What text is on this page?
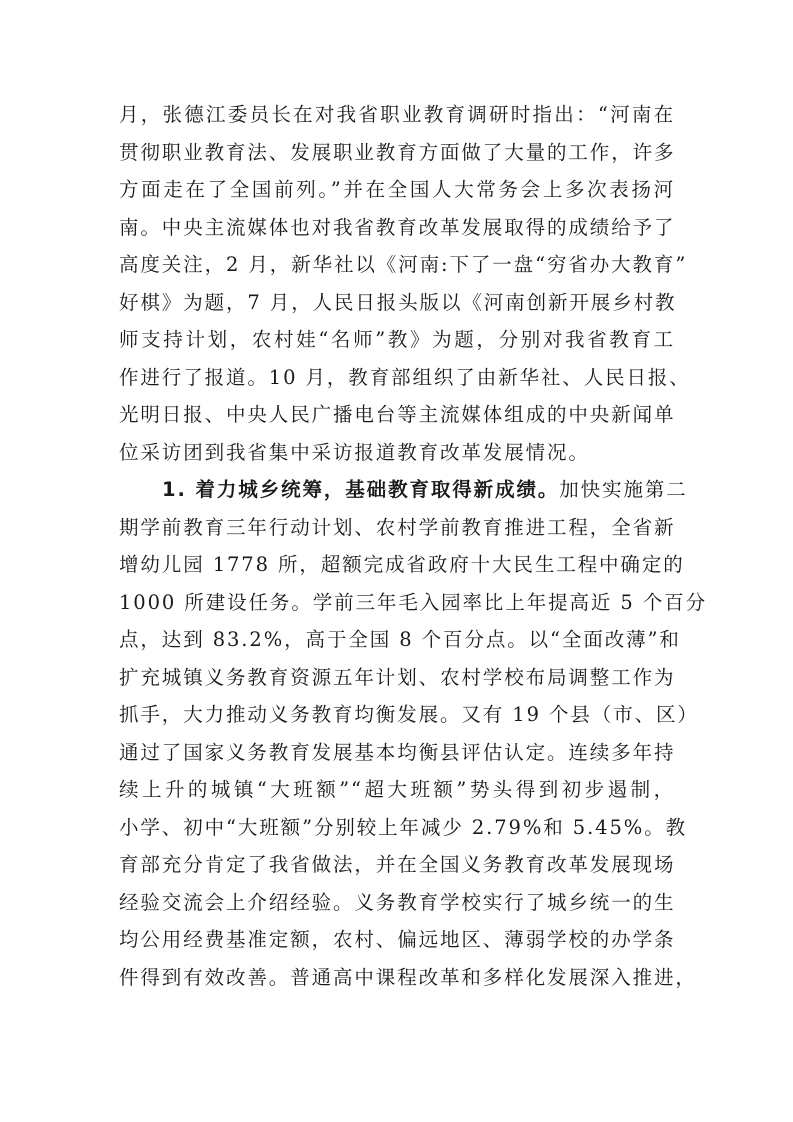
月，张德江委员长在对我省职业教育调研时指出：“河南在
贯彻职业教育法、发展职业教育方面做了大量的工作，许多
方面走在了全国前列。”并在全国人大常务会上多次表扬河
南。中央主流媒体也对我省教育改革发展取得的成绩给予了
高度关注，2 月，新华社以《河南:下了一盘“穷省办大教育”
好棋》为题，7 月，人民日报头版以《河南创新开展乡村教
师支持计划，农村娃“名师”教》为题，分别对我省教育工
作进行了报道。10 月，教育部组织了由新华社、人民日报、
光明日报、中央人民广播电台等主流媒体组成的中央新闻单
位采访团到我省集中采访报道教育改革发展情况。
1. 着力城乡统筹，基础教育取得新成绩。加快实施第二
期学前教育三年行动计划、农村学前教育推进工程，全省新
增幼儿园 1778 所，超额完成省政府十大民生工程中确定的
1000 所建设任务。学前三年毛入园率比上年提高近 5 个百分
点，达到 83.2%，高于全国 8 个百分点。以“全面改薄”和
扩充城镇义务教育资源五年计划、农村学校布局调整工作为
抓手，大力推动义务教育均衡发展。又有 19 个县（市、区）
通过了国家义务教育发展基本均衡县评估认定。连续多年持
续上升的城镇“大班额”“超大班额”势头得到初步遏制，
小学、初中“大班额”分别较上年减少 2.79%和 5.45%。教
育部充分肯定了我省做法，并在全国义务教育改革发展现场
经验交流会上介绍经验。义务教育学校实行了城乡统一的生
均公用经费基准定额，农村、偏远地区、薄弱学校的办学条
件得到有效改善。普通高中课程改革和多样化发展深入推进，
